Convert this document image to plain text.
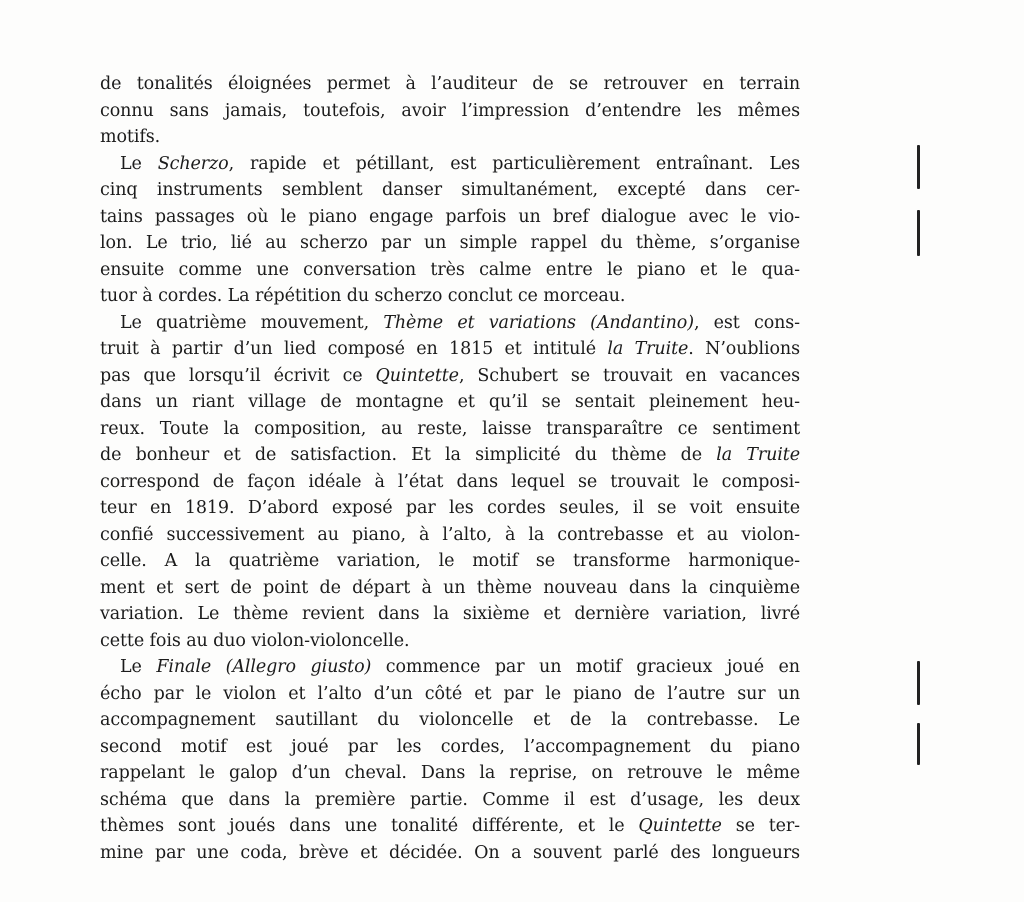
de tonalités éloignées permet à l’auditeur de se retrouver en terrain
connu sans jamais, toutefois, avoir l’impression d’entendre les mêmes
motifs.
Le Scherzo, rapide et pétillant, est particulièrement entraînant. Les
cinq instruments semblent danser simultanément, excepté dans cer-
tains passages où le piano engage parfois un bref dialogue avec le vio-
lon. Le trio, lié au scherzo par un simple rappel du thème, s’organise
ensuite comme une conversation très calme entre le piano et le qua-
tuor à cordes. La répétition du scherzo conclut ce morceau.
Le quatrième mouvement, Thème et variations (Andantino), est cons-
truit à partir d’un lied composé en 1815 et intitulé la Truite. N’oublions
pas que lorsqu’il écrivit ce Quintette, Schubert se trouvait en vacances
dans un riant village de montagne et qu’il se sentait pleinement heu-
reux. Toute la composition, au reste, laisse transparaître ce sentiment
de bonheur et de satisfaction. Et la simplicité du thème de la Truite
correspond de façon idéale à l’état dans lequel se trouvait le composi-
teur en 1819. D’abord exposé par les cordes seules, il se voit ensuite
confié successivement au piano, à l’alto, à la contrebasse et au violon-
celle. A la quatrième variation, le motif se transforme harmonique-
ment et sert de point de départ à un thème nouveau dans la cinquième
variation. Le thème revient dans la sixième et dernière variation, livré
cette fois au duo violon-violoncelle.
Le Finale (Allegro giusto) commence par un motif gracieux joué en
écho par le violon et l’alto d’un côté et par le piano de l’autre sur un
accompagnement sautillant du violoncelle et de la contrebasse. Le
second motif est joué par les cordes, l’accompagnement du piano
rappelant le galop d’un cheval. Dans la reprise, on retrouve le même
schéma que dans la première partie. Comme il est d’usage, les deux
thèmes sont joués dans une tonalité différente, et le Quintette se ter-
mine par une coda, brève et décidée. On a souvent parlé des longueurs
